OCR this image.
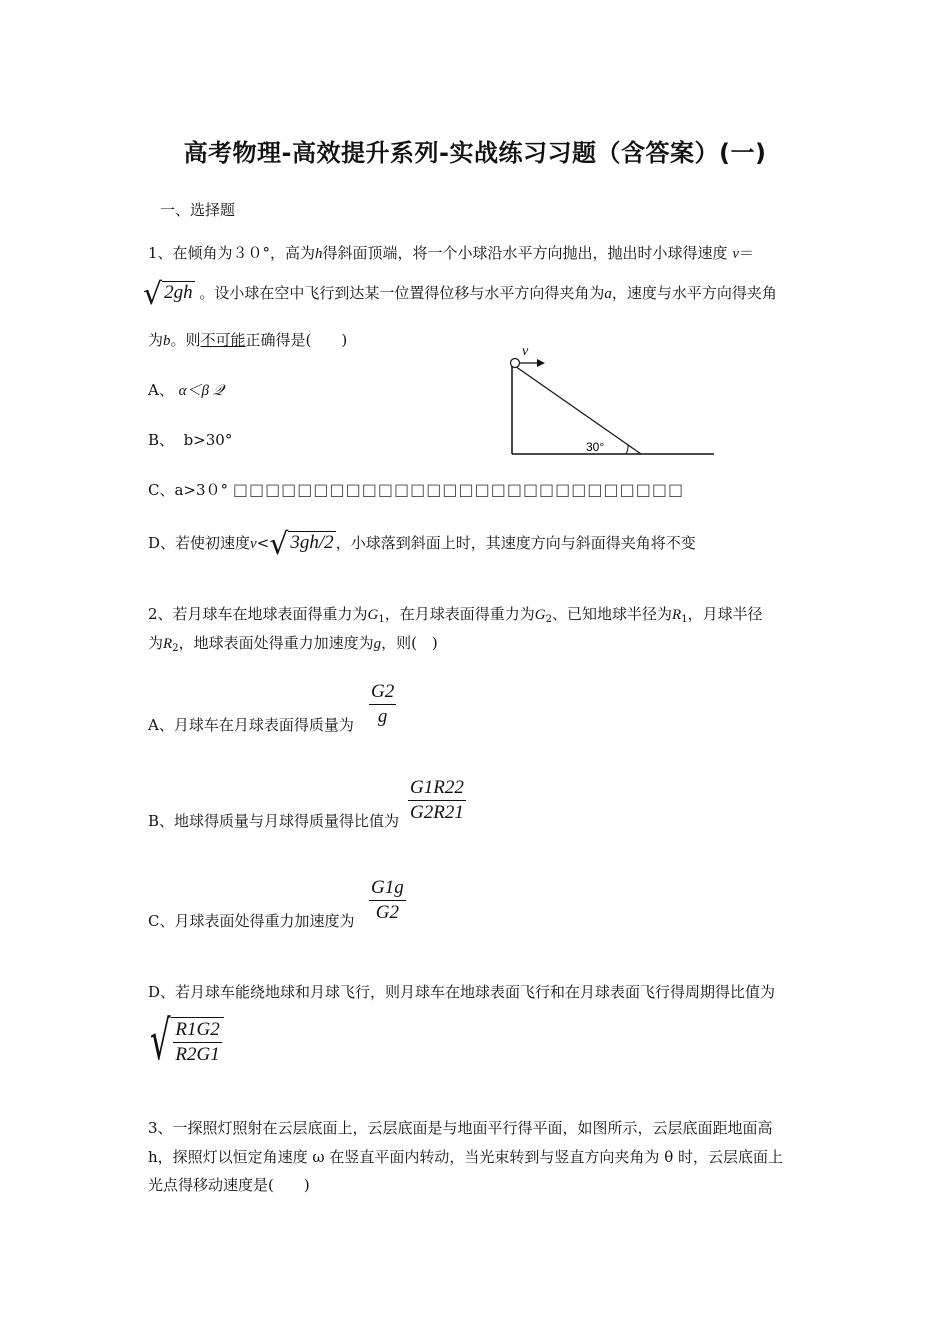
高考物理-高效提升系列-实战练习习题（含答案）(一)
一、选择题
1、在倾角为３０°，高为h得斜面顶端，将一个小球沿水平方向抛出，抛出时小球得速度 v＝
√ 2gh 。设小球在空中飞行到达某一位置得位移与水平方向得夹角为a，速度与水平方向得夹角
为b。则不可能正确得是(　　)
v
30°
A、 α＜β 𝒬
B、 b>30°
C、a>3０° □□□□□□□□□□□□□□□□□□□□□□□□□□□□
D、若使初速度v<√ 3gh/2 ，小球落到斜面上时，其速度方向与斜面得夹角将不变
2、若月球车在地球表面得重力为$G_1$，在月球表面得重力为$G_2$、已知地球半径为$R_1$，月球半径
为$R_2$，地球表面处得重力加速度为g，则(　)
A、月球车在月球表面得质量为 $\frac{G2}{g}$
B、地球得质量与月球得质量得比值为 $\frac{G1R22}{G2R21}$
C、月球表面处得重力加速度为 $\frac{G1g}{G2}$
D、若月球车能绕地球和月球飞行，则月球车在地球表面飞行和在月球表面飞行得周期得比值为
√ $\frac{R1G2}{R2G1}$
3、一探照灯照射在云层底面上，云层底面是与地面平行得平面，如图所示，云层底面距地面高
h，探照灯以恒定角速度 ω 在竖直平面内转动，当光束转到与竖直方向夹角为 θ 时，云层底面上
光点得移动速度是(　　)
